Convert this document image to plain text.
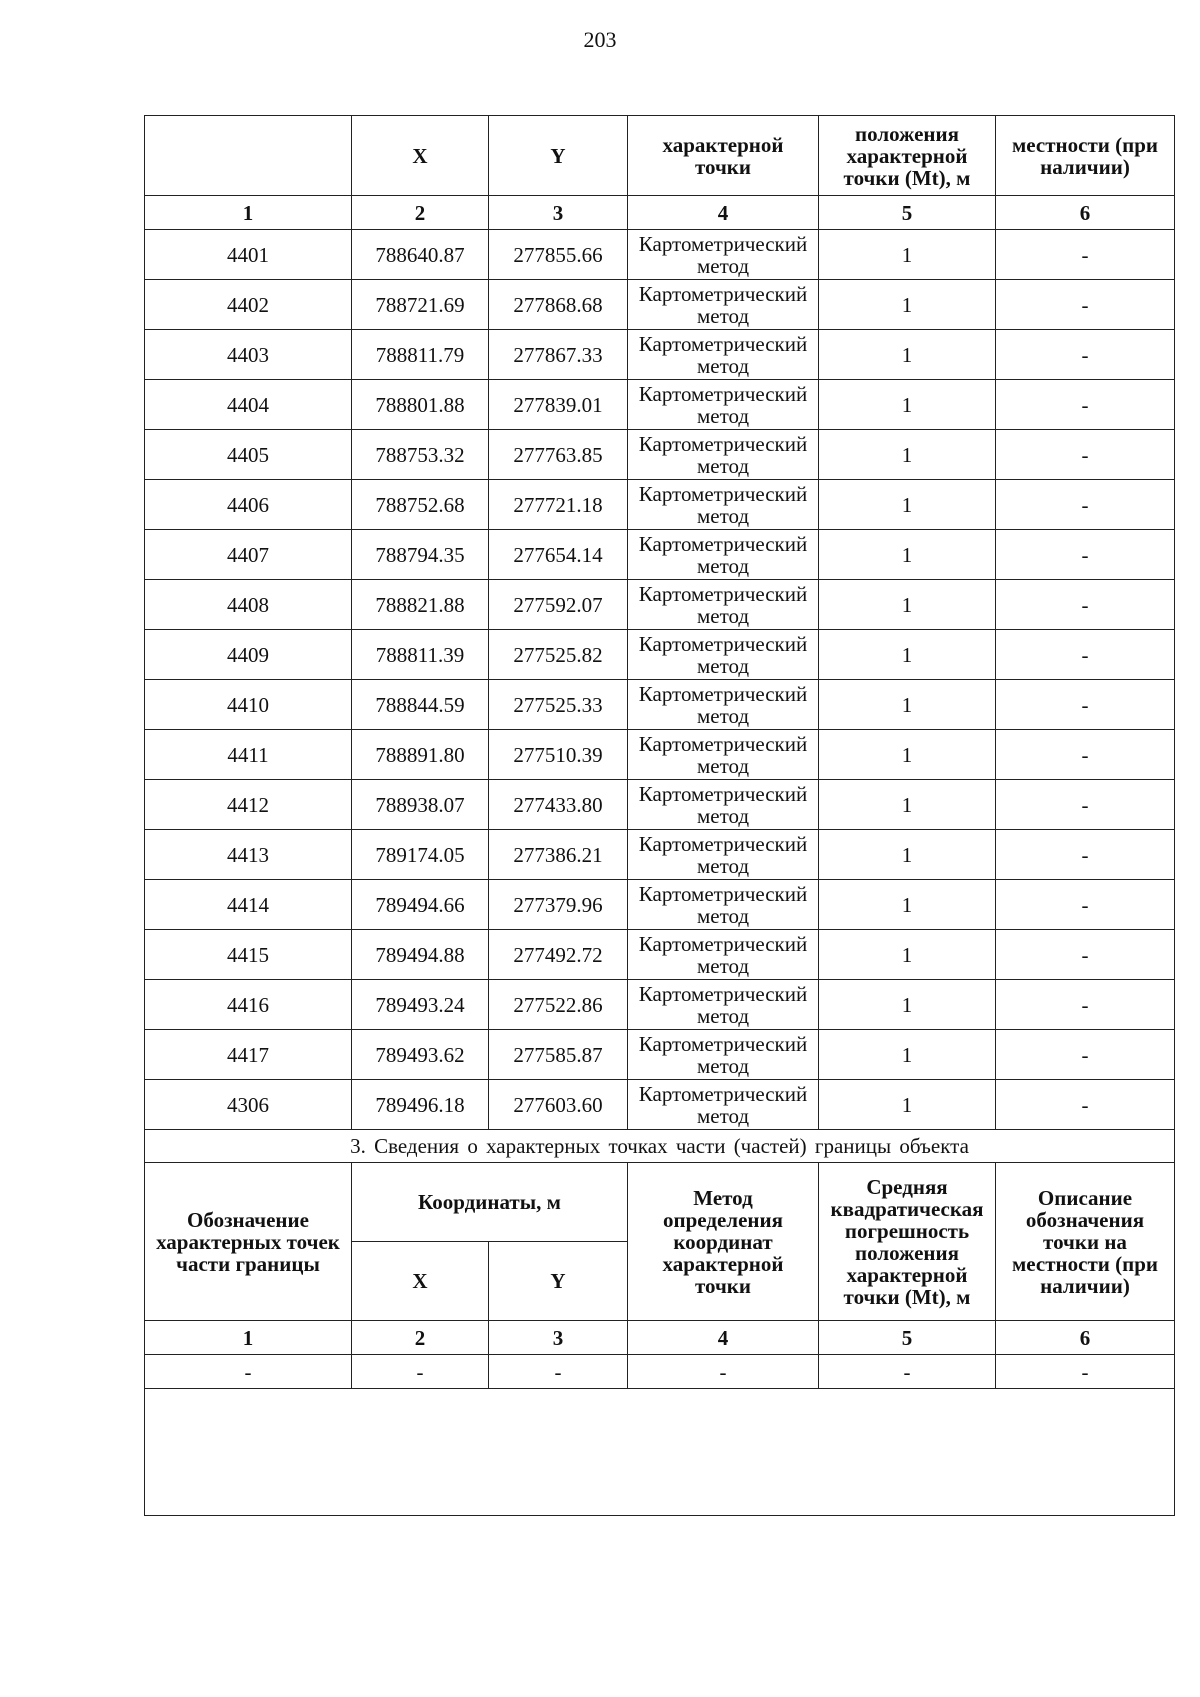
203
	X	Y	характерной точки	положения характерной точки (Mt), м	местности (при наличии)
1	2	3	4	5	6
4401	788640.87	277855.66	Картометрический метод	1	-
4402	788721.69	277868.68	Картометрический метод	1	-
4403	788811.79	277867.33	Картометрический метод	1	-
4404	788801.88	277839.01	Картометрический метод	1	-
4405	788753.32	277763.85	Картометрический метод	1	-
4406	788752.68	277721.18	Картометрический метод	1	-
4407	788794.35	277654.14	Картометрический метод	1	-
4408	788821.88	277592.07	Картометрический метод	1	-
4409	788811.39	277525.82	Картометрический метод	1	-
4410	788844.59	277525.33	Картометрический метод	1	-
4411	788891.80	277510.39	Картометрический метод	1	-
4412	788938.07	277433.80	Картометрический метод	1	-
4413	789174.05	277386.21	Картометрический метод	1	-
4414	789494.66	277379.96	Картометрический метод	1	-
4415	789494.88	277492.72	Картометрический метод	1	-
4416	789493.24	277522.86	Картометрический метод	1	-
4417	789493.62	277585.87	Картометрический метод	1	-
4306	789496.18	277603.60	Картометрический метод	1	-
3. Сведения о характерных точках части (частей) границы объекта					
Обозначение характерных точек части границы	Координаты, м		Метод определения координат характерной точки	Средняя квадратическая погрешность положения характерной точки (Mt), м	Описание обозначения точки на местности (при наличии)
	X	Y			
1	2	3	4	5	6
-	-	-	-	-	-
